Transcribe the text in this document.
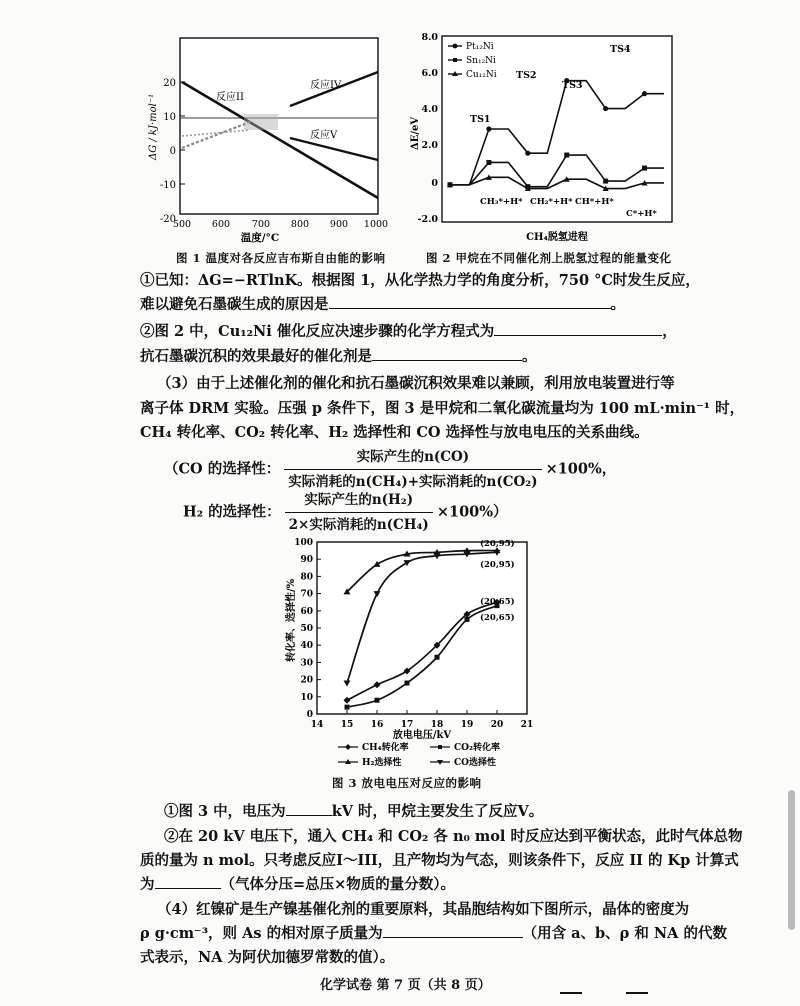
20
10
0
-10
-20
500 600 700 800 900 1000
温度/°C
ΔG / kJ·mol⁻¹	反应II
反应IV
反应V
图 1 温度对各反应吉布斯自由能的影响
8.0
6.0
4.0
2.0
0
-2.0
ΔE/eV
CH₄脱氢进程
Pt₁₂Ni
Sn₁₂Ni
Cu₁₂Ni
TS1
TS2
TS3
TS4
CH₃*+H* CH₂*+H* CH*+H*
C*+H*
图 2 甲烷在不同催化剂上脱氢过程的能量变化
①已知：ΔG=−RTlnK。根据图 1，从化学热力学的角度分析，750 °C时发生反应，
难以避免石墨碳生成的原因是	。
②图 2 中，Cu₁₂Ni 催化反应决速步骤的化学方程式为	，
抗石墨碳沉积的效果最好的催化剂是	。
（3）由于上述催化剂的催化和抗石墨碳沉积效果难以兼顾，利用放电装置进行等
离子体 DRM 实验。压强 p 条件下，图 3 是甲烷和二氧化碳流量均为 100 mL·min⁻¹ 时，
CH₄ 转化率、CO₂ 转化率、H₂ 选择性和 CO 选择性与放电电压的关系曲线。
（CO 的选择性： $\frac{\text{实际产生的n(CO)}}{\text{实际消耗的n(CH₄)+实际消耗的n(CO₂)}} \times 100\%$，
H₂ 的选择性： $\frac{\text{实际产生的n(H₂)}}{\text{2×实际消耗的n(CH₄)}} \times 100\%$）
100
90
80
70
60
50
40
30
20
10
0
14 15 16 17 18 19 20 21
转化率、选择性/%
放电电压/kV
(20,95)
(20,95)
(20,65)
(20,65)
CH₄转化率	CO₂转化率
H₂选择性	CO选择性
图 3 放电电压对反应的影响
①图 3 中，电压为	kV 时，甲烷主要发生了反应V。
②在 20 kV 电压下，通入 CH₄ 和 CO₂ 各 n₀ mol 时反应达到平衡状态，此时气体总物
质的量为 n mol。只考虑反应I～III，且产物均为气态，则该条件下，反应 II 的 Kp 计算式
为	（气体分压=总压×物质的量分数）。
（4）红镍矿是生产镍基催化剂的重要原料，其晶胞结构如下图所示，晶体的密度为
ρ g·cm⁻³，则 As 的相对原子质量为	（用含 a、b、ρ 和 NA 的代数
式表示，NA 为阿伏加德罗常数的值）。
化学试卷 第 7 页（共 8 页）
